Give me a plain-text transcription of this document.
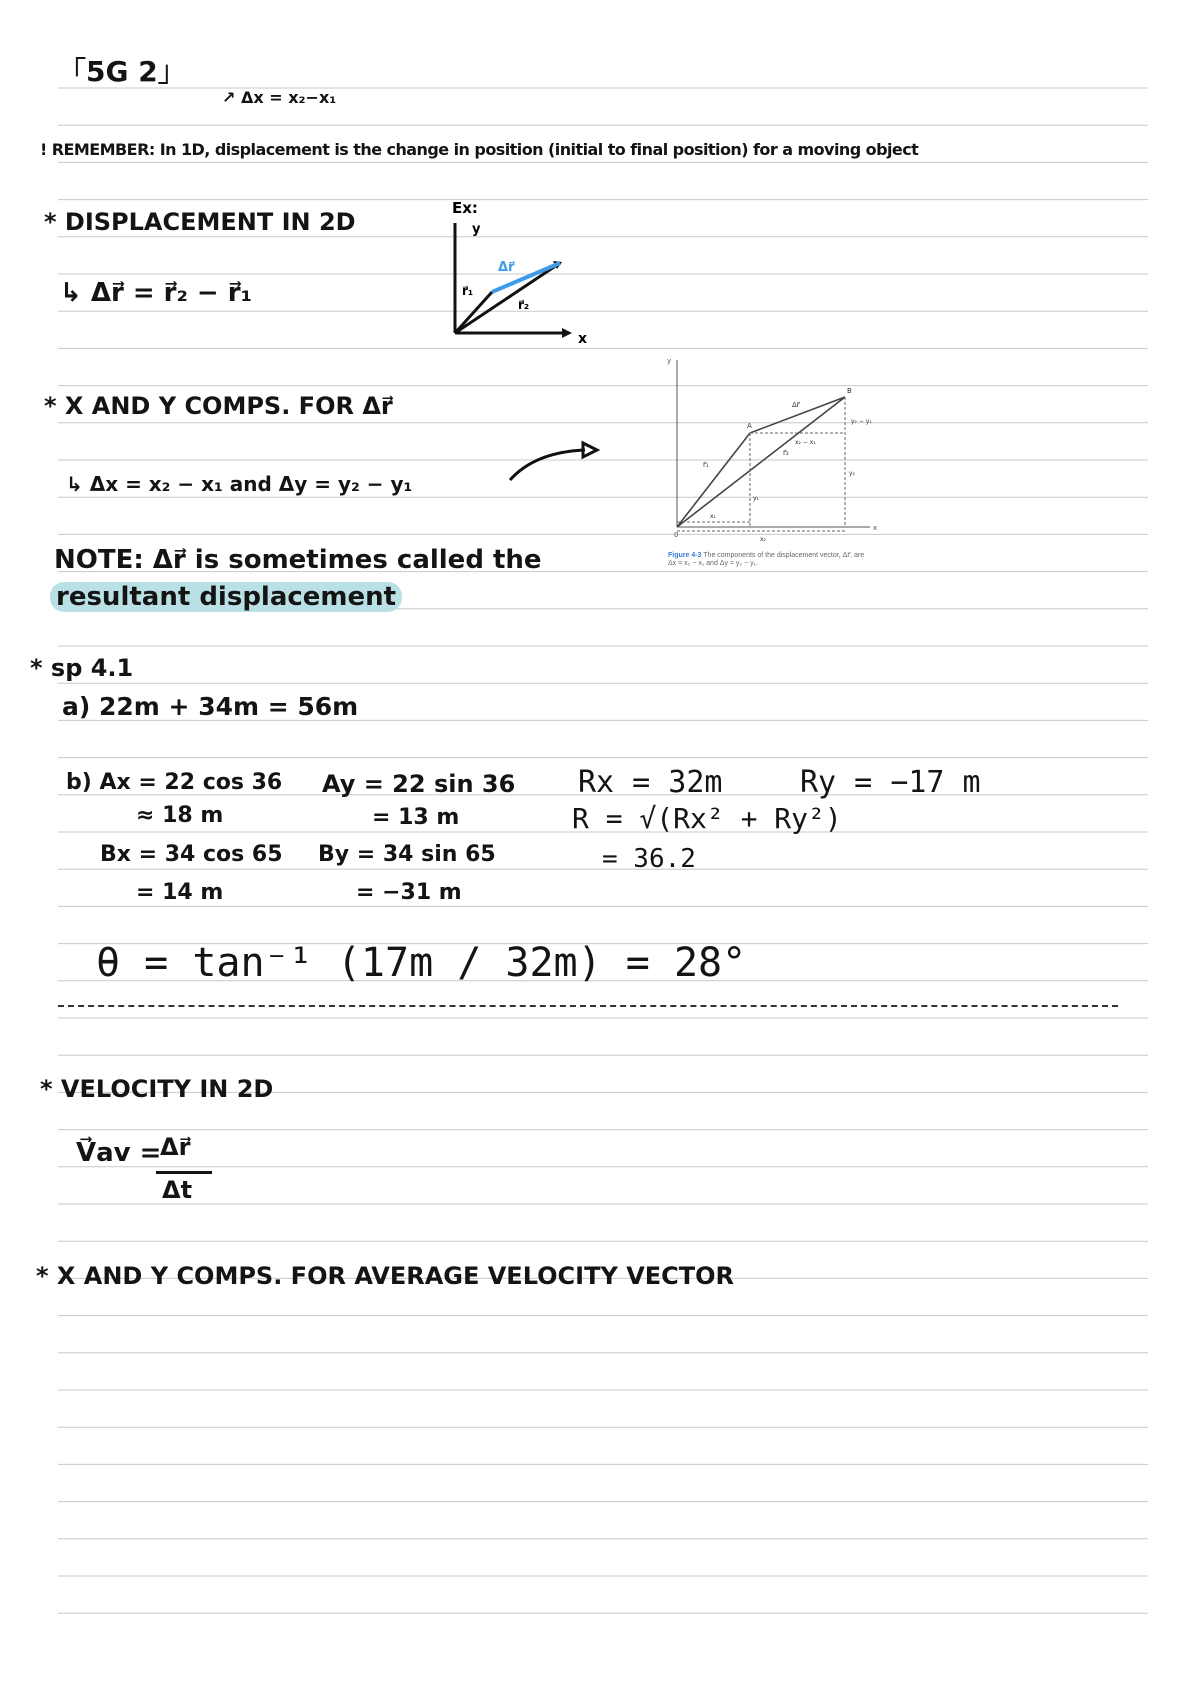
「5G 2」
↗ Δx = x₂−x₁
! REMEMBER: In 1D, displacement is the change in position (initial to final position) for a moving object
* DISPLACEMENT IN 2D
↳ Δr⃗ = r⃗₂ − r⃗₁
Ex:
y
x
Δr⃗
r⃗₁
r⃗₂
* X AND Y COMPS. FOR Δr⃗
↳ Δx = x₂ − x₁ and Δy = y₂ − y₁
NOTE: Δr⃗ is sometimes called the
resultant displacement
y
x
0
A
B
Δr⃗
r⃗₁
r⃗₂
x₂ − x₁
y₂ − y₁
x₁
x₂
y₁
y₂
Figure 4-3 The components of the displacement vector, Δr⃗, are
Δx = x₂ − x₁ and Δy = y₂ − y₁.
* sp 4.1
a) 22m + 34m = 56m
b) Ax = 22 cos 36
≈ 18 m
Bx = 34 cos 65
= 14 m
Ay = 22 sin 36
= 13 m
By = 34 sin 65
= −31 m
Rx = 32m	Ry = −17 m
R = √(Rx² + Ry²)
= 36.2
θ = tan⁻¹ (17m / 32m) = 28°
* VELOCITY IN 2D
V⃗av =
Δr⃗
Δt
* X AND Y COMPS. FOR AVERAGE VELOCITY VECTOR
